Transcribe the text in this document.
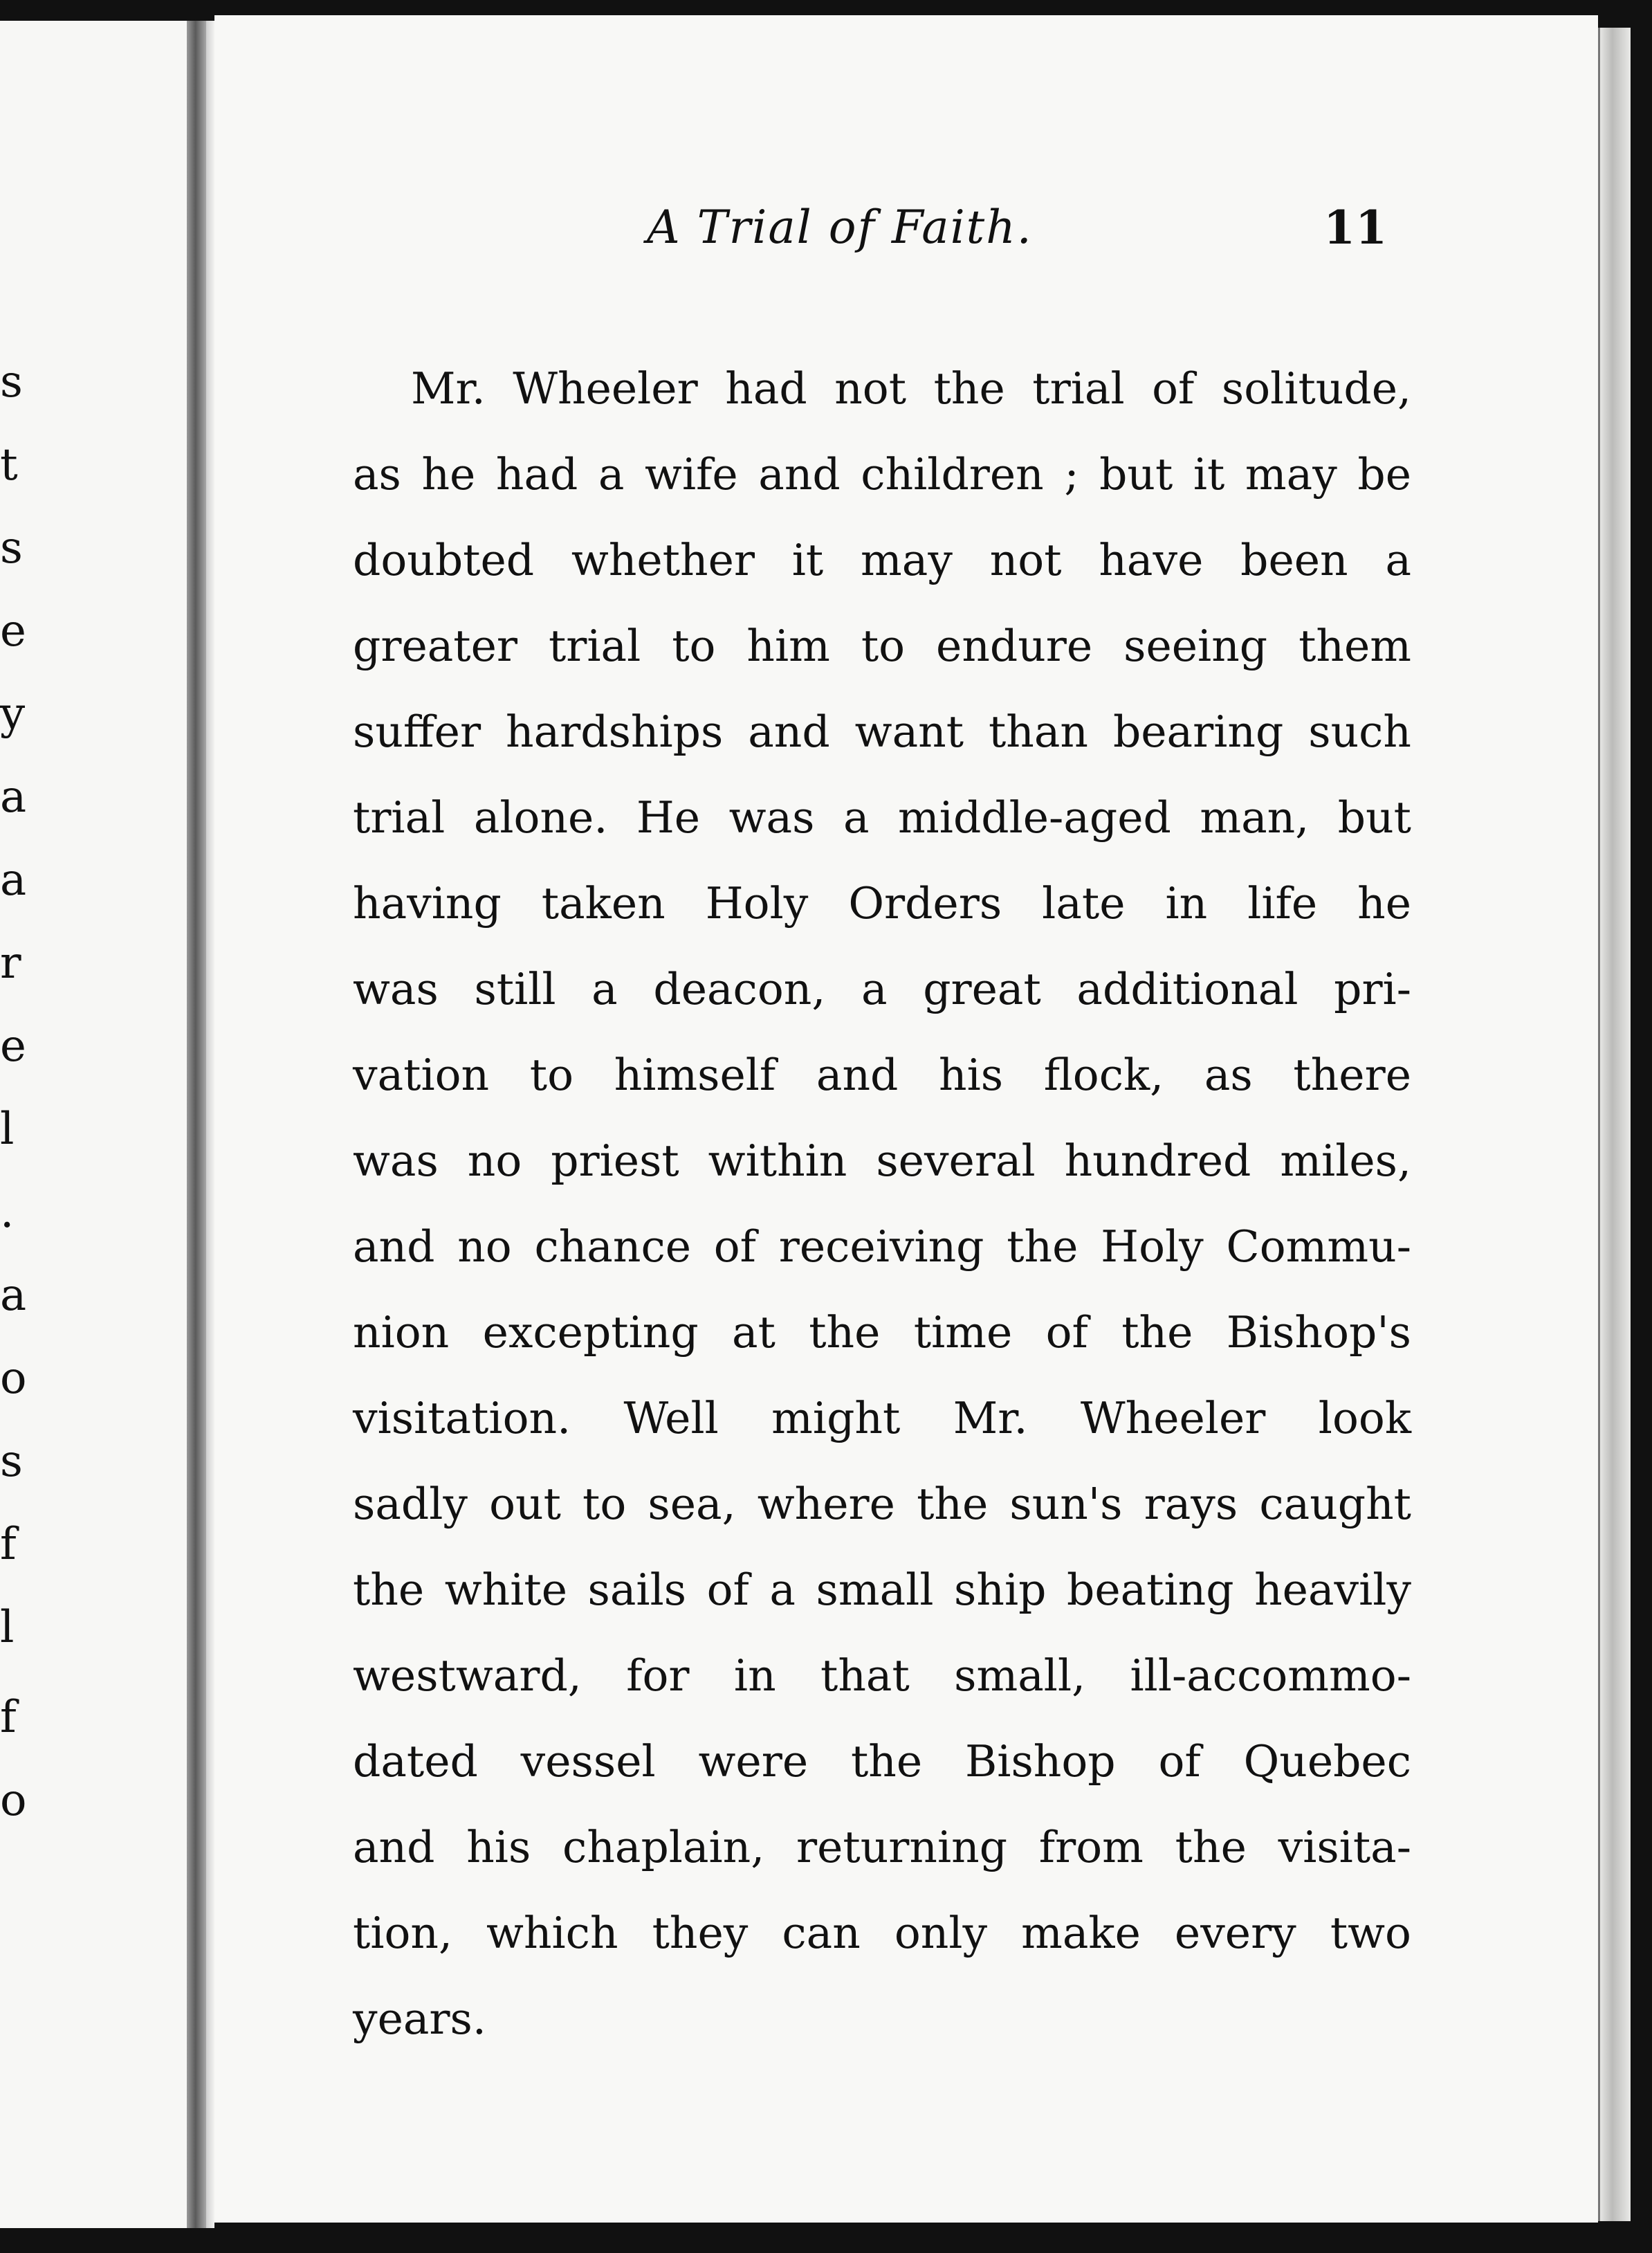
s
t
s
e
y
a
a
r
e
l
.
a
o
s
f
l
f
o
A Trial of Faith.	11
Mr. Wheeler had not the trial of solitude,
as he had a wife and children ; but it may be
doubted whether it may not have been a
greater trial to him to endure seeing them
suffer hardships and want than bearing such
trial alone. He was a middle-aged man, but
having taken Holy Orders late in life he
was still a deacon, a great additional pri-
vation to himself and his flock, as there
was no priest within several hundred miles,
and no chance of receiving the Holy Commu-
nion excepting at the time of the Bishop's
visitation. Well might Mr. Wheeler look
sadly out to sea, where the sun's rays caught
the white sails of a small ship beating heavily
westward, for in that small, ill-accommo-
dated vessel were the Bishop of Quebec
and his chaplain, returning from the visita-
tion, which they can only make every two
years.
